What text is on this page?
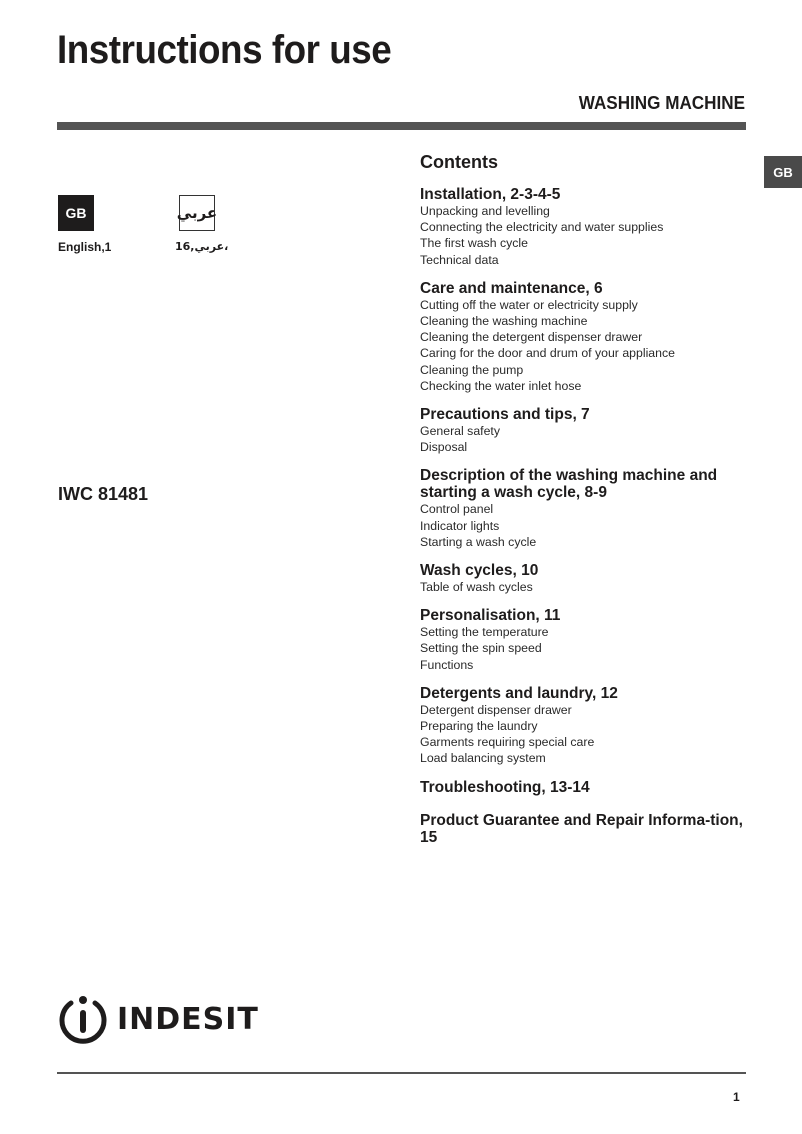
Instructions for use
WASHING MACHINE
GB
GB
English,1
عربي
16,عربي،
IWC 81481
Contents

Installation, 2-3-4-5

Unpacking and levelling
Connecting the electricity and water supplies
The first wash cycle
Technical data

Care and maintenance, 6

Cutting off the water or electricity supply
Cleaning the washing machine
Cleaning the detergent dispenser drawer
Caring for the door and drum of your appliance
Cleaning the pump
Checking the water inlet hose

Precautions and tips, 7

General safety
Disposal

Description of the washing machine and starting a wash cycle, 8-9

Control panel
Indicator lights
Starting a wash cycle

Wash cycles, 10

Table of wash cycles

Personalisation, 11

Setting the temperature
Setting the spin speed
Functions

Detergents and laundry, 12

Detergent dispenser drawer
Preparing the laundry
Garments requiring special care
Load balancing system

Troubleshooting, 13-14

Product Guarantee and Repair Informa-tion, 15

INDESIT
1
